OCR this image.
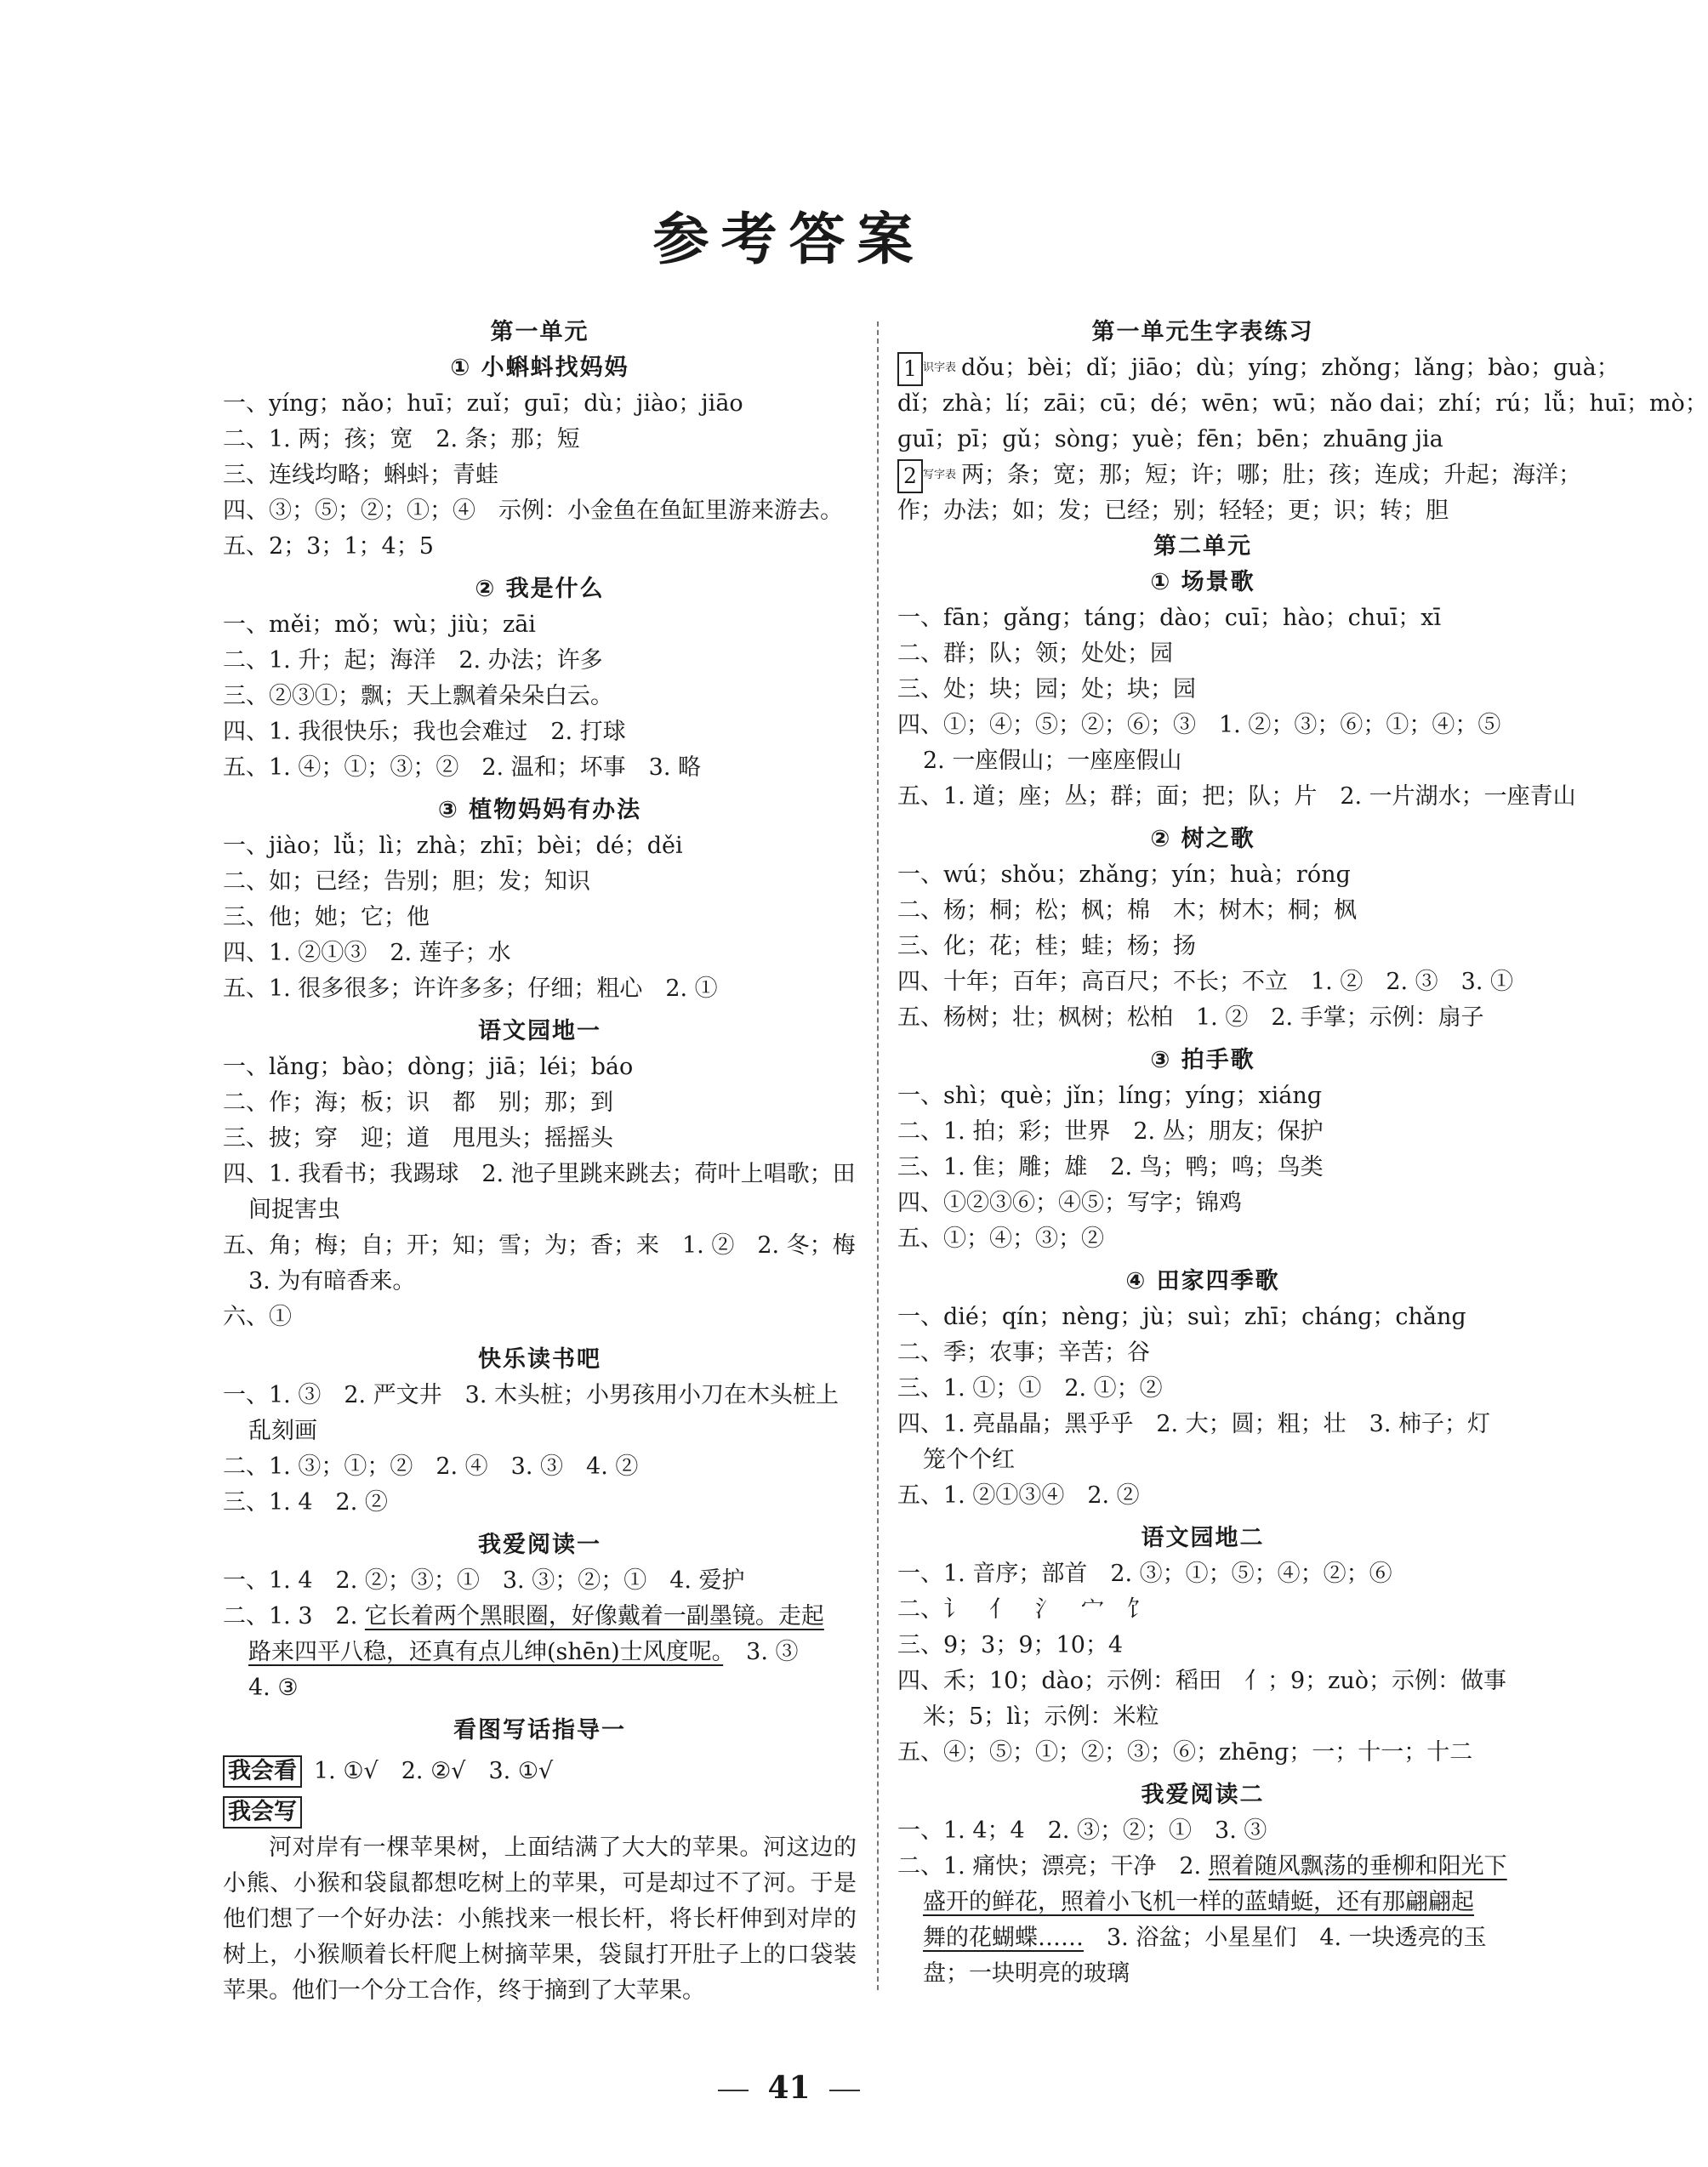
参考答案
第一单元
① 小蝌蚪找妈妈
一、yínɡ；nǎo；huī；zuǐ；ɡuī；dù；jiào；jiāo
二、1. 两；孩；宽　2. 条；那；短
三、连线均略；蝌蚪；青蛙
四、③；⑤；②；①；④　示例：小金鱼在鱼缸里游来游去。
五、2；3；1；4；5
② 我是什么
一、měi；mǒ；wù；jiù；zāi
二、1. 升；起；海洋　2. 办法；许多
三、②③①；飘；天上飘着朵朵白云。
四、1. 我很快乐；我也会难过　2. 打球
五、1. ④；①；③；②　2. 温和；坏事　3. 略
③ 植物妈妈有办法
一、jiào；lǚ；lì；zhà；zhī；bèi；dé；děi
二、如；已经；告别；胆；发；知识
三、他；她；它；他
四、1. ②①③　2. 莲子；水
五、1. 很多很多；许许多多；仔细；粗心　2. ①
语文园地一
一、lǎnɡ；bào；dònɡ；jiā；léi；báo
二、作；海；板；识　都　别；那；到
三、披；穿　迎；道　甩甩头；摇摇头
四、1. 我看书；我踢球　2. 池子里跳来跳去；荷叶上唱歌；田间捉害虫
五、角；梅；自；开；知；雪；为；香；来　1. ②　2. 冬；梅　3. 为有暗香来。
六、①
快乐读书吧
一、1. ③　2. 严文井　3. 木头桩；小男孩用小刀在木头桩上乱刻画
二、1. ③；①；②　2. ④　3. ③　4. ②
三、1. 4　2. ②
我爱阅读一
一、1. 4　2. ②；③；①　3. ③；②；①　4. 爱护
二、1. 3　2. 它长着两个黑眼圈，好像戴着一副墨镜。走起
路来四平八稳，还真有点儿绅(shēn)士风度呢。　3. ③
4. ③
看图写话指导一
我会看 1. ①√　2. ②√　3. ①√
我会写
河对岸有一棵苹果树，上面结满了大大的苹果。河这边的小熊、小猴和袋鼠都想吃树上的苹果，可是却过不了河。于是他们想了一个好办法：小熊找来一根长杆，将长杆伸到对岸的树上，小猴顺着长杆爬上树摘苹果，袋鼠打开肚子上的口袋装苹果。他们一个分工合作，终于摘到了大苹果。
第一单元生字表练习
1 识字表 dǒu；bèi；dǐ；jiāo；dù；yínɡ；zhǒnɡ；lǎnɡ；bào；ɡuà；
dǐ；zhà；lí；zāi；cū；dé；wēn；wū；nǎo dai；zhí；rú；lǚ；huī；mò；
ɡuī；pī；ɡǔ；sònɡ；yuè；fēn；bēn；zhuānɡ jia
2 写字表 两；条；宽；那；短；许；哪；肚；孩；连成；升起；海洋；
作；办法；如；发；已经；别；轻轻；更；识；转；胆
第二单元
① 场景歌
一、fān；ɡǎnɡ；tánɡ；dào；cuī；hào；chuī；xī
二、群；队；领；处处；园
三、处；块；园；处；块；园
四、①；④；⑤；②；⑥；③　1. ②；③；⑥；①；④；⑤　2. 一座假山；一座座假山
五、1. 道；座；丛；群；面；把；队；片　2. 一片湖水；一座青山
② 树之歌
一、wú；shǒu；zhǎnɡ；yín；huà；rónɡ
二、杨；桐；松；枫；棉　木；树木；桐；枫
三、化；花；桂；蛙；杨；扬
四、十年；百年；高百尺；不长；不立　1. ②　2. ③　3. ①
五、杨树；壮；枫树；松柏　1. ②　2. 手掌；示例：扇子
③ 拍手歌
一、shì；què；jǐn；línɡ；yínɡ；xiánɡ
二、1. 拍；彩；世界　2. 丛；朋友；保护
三、1. 隹；雕；雄　2. 鸟；鸭；鸣；鸟类
四、①②③⑥；④⑤；写字；锦鸡
五、①；④；③；②
④ 田家四季歌
一、dié；qín；nènɡ；jù；suì；zhī；chánɡ；chǎnɡ
二、季；农事；辛苦；谷
三、1. ①；①　2. ①；②
四、1. 亮晶晶；黑乎乎　2. 大；圆；粗；壮　3. 柿子；灯笼个个红
五、1. ②①③④　2. ②
语文园地二
一、1. 音序；部首　2. ③；①；⑤；④；②；⑥
二、讠　亻　氵　宀　饣
三、9；3；9；10；4
四、禾；10；dào；示例：稻田　亻；9；zuò；示例：做事
米；5；lì；示例：米粒
五、④；⑤；①；②；③；⑥；zhēnɡ；一；十一；十二
我爱阅读二
一、1. 4；4　2. ③；②；①　3. ③
二、1. 痛快；漂亮；干净　2. 照着随风飘荡的垂柳和阳光下
盛开的鲜花，照着小飞机一样的蓝蜻蜓，还有那翩翩起
舞的花蝴蝶……　3. 浴盆；小星星们　4. 一块透亮的玉
盘；一块明亮的玻璃
41
